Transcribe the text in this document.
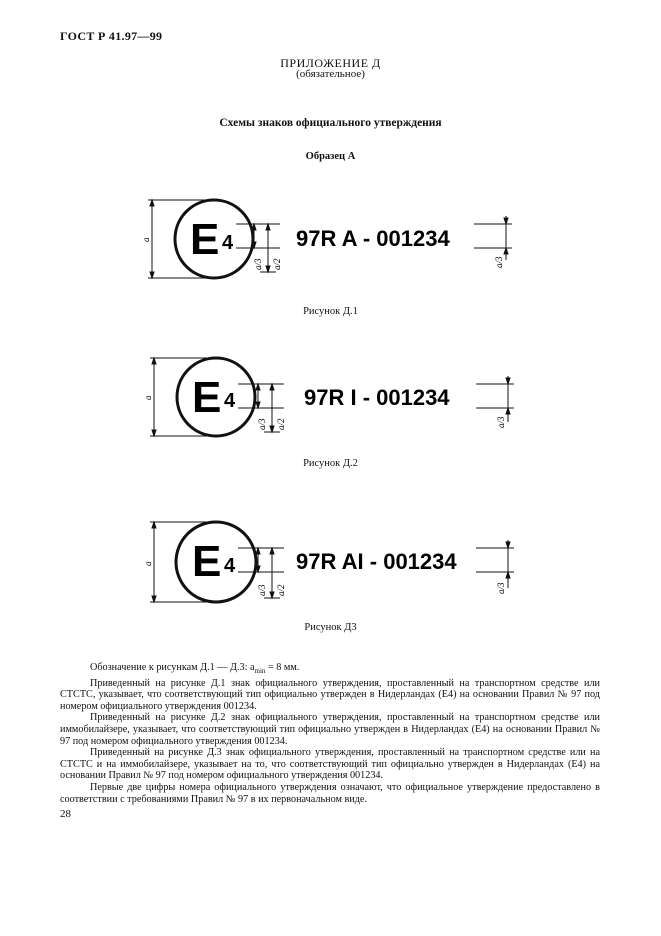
ГОСТ Р 41.97—99
ПРИЛОЖЕНИЕ Д
(обязательное)
Схемы знаков официального утверждения
Образец А
E 4
a/3 a/2
a	97R A - 001234
a/3
Рисунок Д.1
E 4
a/3 a/2
a	97R I - 001234
a/3
Рисунок Д.2
E 4
a/3 a/2
a	97R AI - 001234
a/3
Рисунок Д3

Обозначение к рисункам Д.1 — Д.3: $a_{min} = 8$ мм.

Приведенный на рисунке Д.1 знак официального утверждения, проставленный на транспортном средстве или СТСТС, указывает, что соответствующий тип официально утвержден в Нидерландах (Е4) на основании Правил № 97 под номером официального утверждения 001234.

Приведенный на рисунке Д.2 знак официального утверждения, проставленный на транспортном средстве или иммобилайзере, указывает, что соответствующий тип официально утвержден в Нидерландах (Е4) на основании Правил № 97 под номером официального утверждения 001234.

Приведенный на рисунке Д.3 знак официального утверждения, проставленный на транспортном средстве или на СТСТС и на иммобилайзере, указывает на то, что соответствующий тип официально утвержден в Нидерландах (Е4) на основании Правил № 97 под номером официального утверждения 001234.

Первые две цифры номера официального утверждения означают, что официальное утверждение предоставлено в соответствии с требованиями Правил № 97 в их первоначальном виде.

28
